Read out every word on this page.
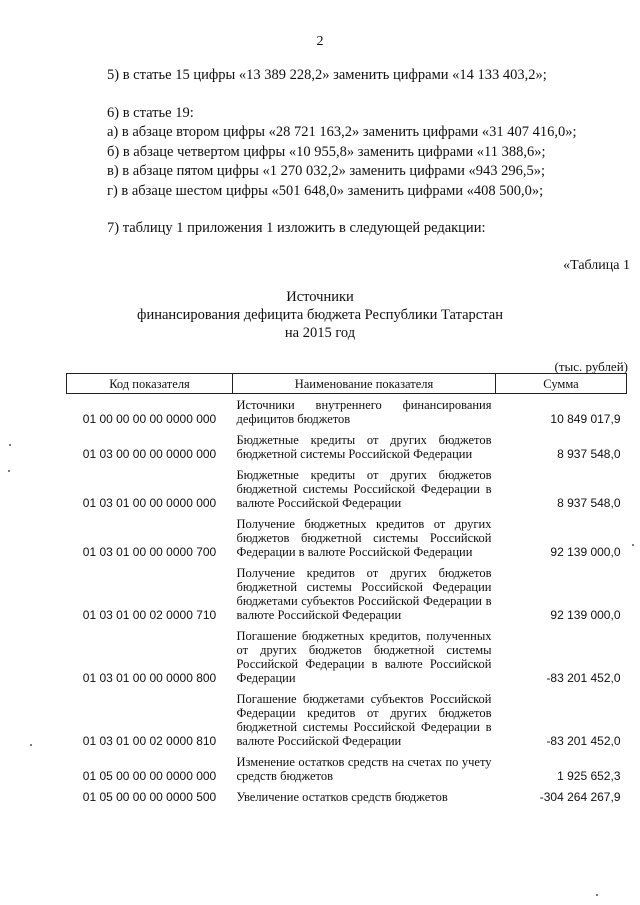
2
5) в статье 15 цифры «13 389 228,2» заменить цифрами «14 133 403,2»;
6) в статье 19:
а) в абзаце втором цифры «28 721 163,2» заменить цифрами «31 407 416,0»;
б) в абзаце четвертом цифры «10 955,8» заменить цифрами «11 388,6»;
в) в абзаце пятом цифры «1 270 032,2» заменить цифрами «943 296,5»;
г) в абзаце шестом цифры «501 648,0» заменить цифрами «408 500,0»;
7) таблицу 1 приложения 1 изложить в следующей редакции:
«Таблица 1
Источники
финансирования дефицита бюджета Республики Татарстан
на 2015 год
(тыс. рублей)
Код показателя	Наименование показателя	Сумма
01 00 00 00 00 0000 000	Источники внутреннего финансирования дефицитов бюджетов	10 849 017,9
01 03 00 00 00 0000 000	Бюджетные кредиты от других бюджетов бюджетной системы Российской Федерации	8 937 548,0
01 03 01 00 00 0000 000	Бюджетные кредиты от других бюджетов бюджетной системы Российской Федерации в валюте Российской Федерации	8 937 548,0
01 03 01 00 00 0000 700	Получение бюджетных кредитов от других бюджетов бюджетной системы Российской Федерации в валюте Российской Федерации	92 139 000,0
01 03 01 00 02 0000 710	Получение кредитов от других бюджетов бюджетной системы Российской Федерации бюджетами субъектов Российской Федерации в валюте Российской Федерации	92 139 000,0
01 03 01 00 00 0000 800	Погашение бюджетных кредитов, полученных от других бюджетов бюджетной системы Российской Федерации в валюте Российской Федерации	-83 201 452,0
01 03 01 00 02 0000 810	Погашение бюджетами субъектов Российской Федерации кредитов от других бюджетов бюджетной системы Российской Федерации в валюте Российской Федерации	-83 201 452,0
01 05 00 00 00 0000 000	Изменение остатков средств на счетах по учету средств бюджетов	1 925 652,3
01 05 00 00 00 0000 500	Увеличение остатков средств бюджетов	-304 264 267,9
